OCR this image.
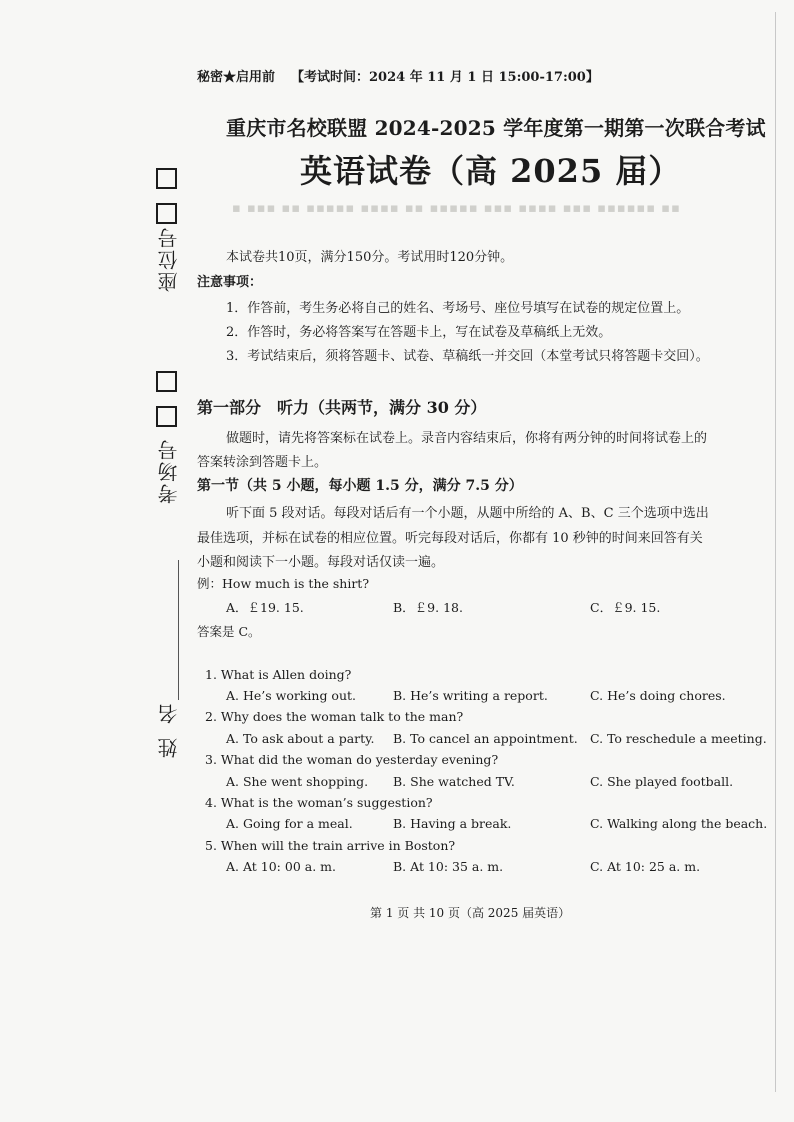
秘密★启用前 【考试时间：2024 年 11 月 1 日 15:00-17:00】
重庆市名校联盟 2024-2025 学年度第一期第一次联合考试
英语试卷（高 2025 届）
▪ ▪▪▪ ▪▪ ▪▪▪▪▪ ▪▪▪▪ ▪▪ ▪▪▪▪▪ ▪▪▪ ▪▪▪▪ ▪▪▪ ▪▪▪▪▪▪ ▪▪
座位号
考场号
姓名
本试卷共10页，满分150分。考试用时120分钟。
注意事项：
1．作答前，考生务必将自己的姓名、考场号、座位号填写在试卷的规定位置上。
2．作答时，务必将答案写在答题卡上，写在试卷及草稿纸上无效。
3．考试结束后，须将答题卡、试卷、草稿纸一并交回（本堂考试只将答题卡交回）。
第一部分　听力（共两节，满分 30 分）
做题时，请先将答案标在试卷上。录音内容结束后，你将有两分钟的时间将试卷上的
答案转涂到答题卡上。
第一节（共 5 小题，每小题 1.5 分，满分 7.5 分）
听下面 5 段对话。每段对话后有一个小题，从题中所给的 A、B、C 三个选项中选出
最佳选项，并标在试卷的相应位置。听完每段对话后，你都有 10 秒钟的时间来回答有关
小题和阅读下一小题。每段对话仅读一遍。
例：How much is the shirt?
A．￡19. 15.	B．￡9. 18.	C．￡9. 15.
答案是 C。
1. What is Allen doing?
A. He’s working out.	B. He’s writing a report.	C. He’s doing chores.
2. Why does the woman talk to the man?
A. To ask about a party. B. To cancel an appointment. C. To reschedule a meeting.
3. What did the woman do yesterday evening?
A. She went shopping. B. She watched TV.	C. She played football.
4. What is the woman’s suggestion?
A. Going for a meal.	B. Having a break.	C. Walking along the beach.
5. When will the train arrive in Boston?
A. At 10: 00 a. m.	B. At 10: 35 a. m.	C. At 10: 25 a. m.
第 1 页 共 10 页（高 2025 届英语）
